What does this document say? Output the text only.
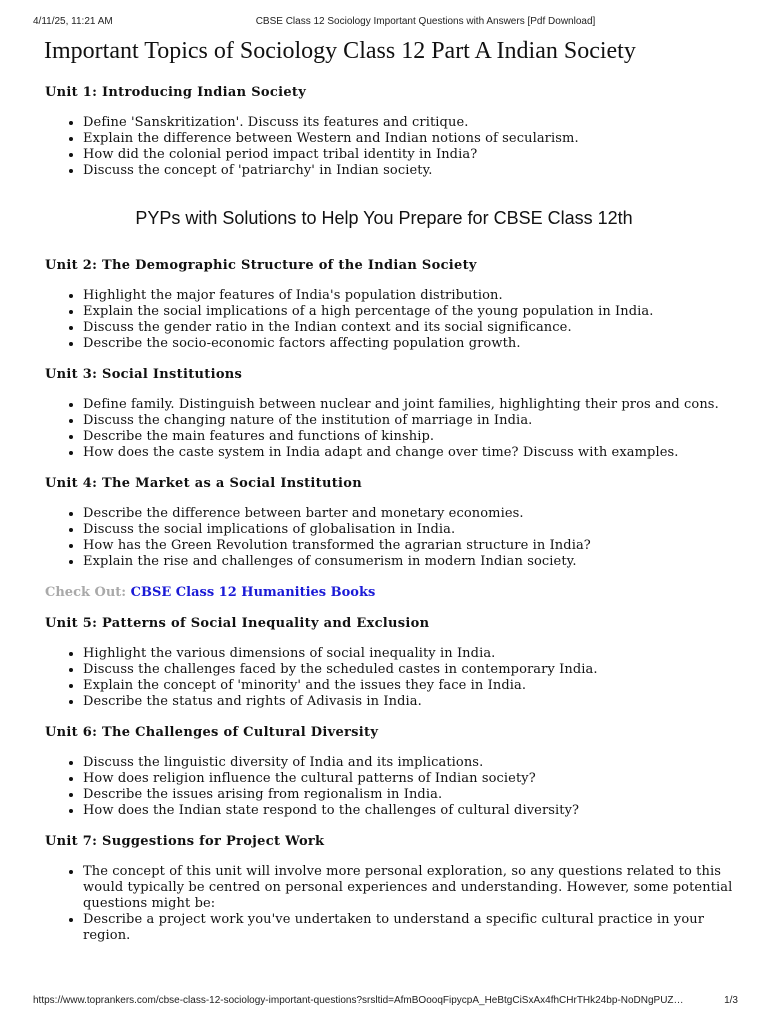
4/11/25, 11:21 AM	CBSE Class 12 Sociology Important Questions with Answers [Pdf Download]
Important Topics of Sociology Class 12 Part A Indian Society
Unit 1: Introducing Indian Society
• Define 'Sanskritization'. Discuss its features and critique.
• Explain the difference between Western and Indian notions of secularism.
• How did the colonial period impact tribal identity in India?
• Discuss the concept of 'patriarchy' in Indian society.
PYPs with Solutions to Help You Prepare for CBSE Class 12th
Unit 2: The Demographic Structure of the Indian Society
• Highlight the major features of India's population distribution.
• Explain the social implications of a high percentage of the young population in India.
• Discuss the gender ratio in the Indian context and its social significance.
• Describe the socio-economic factors affecting population growth.
Unit 3: Social Institutions
• Define family. Distinguish between nuclear and joint families, highlighting their pros and cons.
• Discuss the changing nature of the institution of marriage in India.
• Describe the main features and functions of kinship.
• How does the caste system in India adapt and change over time? Discuss with examples.
Unit 4: The Market as a Social Institution
• Describe the difference between barter and monetary economies.
• Discuss the social implications of globalisation in India.
• How has the Green Revolution transformed the agrarian structure in India?
• Explain the rise and challenges of consumerism in modern Indian society.
Check Out: CBSE Class 12 Humanities Books
Unit 5: Patterns of Social Inequality and Exclusion
• Highlight the various dimensions of social inequality in India.
• Discuss the challenges faced by the scheduled castes in contemporary India.
• Explain the concept of 'minority' and the issues they face in India.
• Describe the status and rights of Adivasis in India.
Unit 6: The Challenges of Cultural Diversity
• Discuss the linguistic diversity of India and its implications.
• How does religion influence the cultural patterns of Indian society?
• Describe the issues arising from regionalism in India.
• How does the Indian state respond to the challenges of cultural diversity?
Unit 7: Suggestions for Project Work
• The concept of this unit will involve more personal exploration, so any questions related to this would typically be centred on personal experiences and understanding. However, some potential questions might be:
• Describe a project work you've undertaken to understand a specific cultural practice in your region.
https://www.toprankers.com/cbse-class-12-sociology-important-questions?srsltid=AfmBOooqFipycpA_HeBtgCiSxAx4fhCHrTHk24bp-NoDNgPUZ…	1/3
